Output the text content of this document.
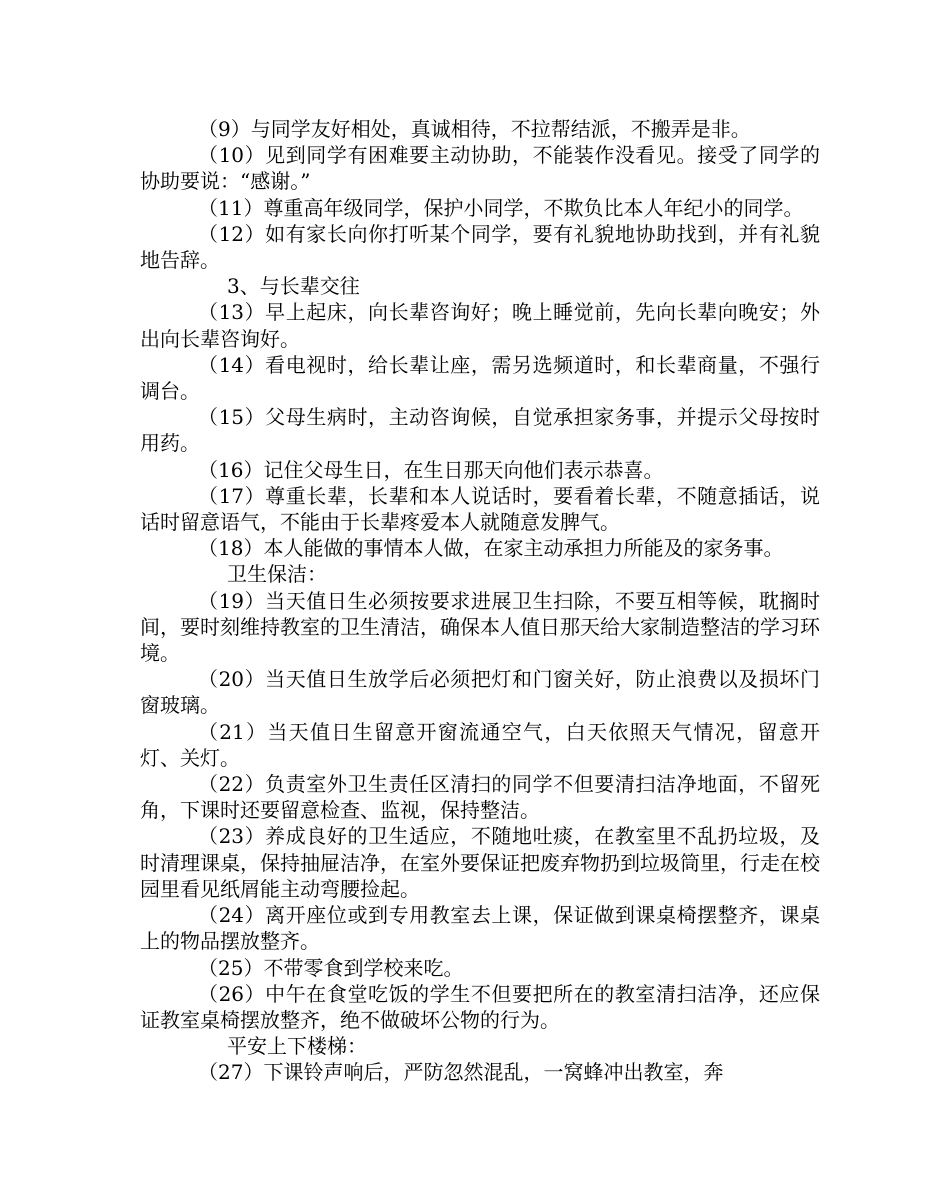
（9）与同学友好相处，真诚相待，不拉帮结派，不搬弄是非。

（10）见到同学有困难要主动协助，不能装作没看见。接受了同学的协助要说：“感谢。”

（11）尊重高年级同学，保护小同学，不欺负比本人年纪小的同学。

（12）如有家长向你打听某个同学，要有礼貌地协助找到，并有礼貌地告辞。

3、与长辈交往

（13）早上起床，向长辈咨询好；晚上睡觉前，先向长辈向晚安；外出向长辈咨询好。

（14）看电视时，给长辈让座，需另选频道时，和长辈商量，不强行调台。

（15）父母生病时，主动咨询候，自觉承担家务事，并提示父母按时用药。

（16）记住父母生日，在生日那天向他们表示恭喜。

（17）尊重长辈，长辈和本人说话时，要看着长辈，不随意插话，说话时留意语气，不能由于长辈疼爱本人就随意发脾气。

（18）本人能做的事情本人做，在家主动承担力所能及的家务事。

卫生保洁：

（19）当天值日生必须按要求进展卫生扫除，不要互相等候，耽搁时间，要时刻维持教室的卫生清洁，确保本人值日那天给大家制造整洁的学习环境。

（20）当天值日生放学后必须把灯和门窗关好，防止浪费以及损坏门窗玻璃。

（21）当天值日生留意开窗流通空气，白天依照天气情况，留意开灯、关灯。

（22）负责室外卫生责任区清扫的同学不但要清扫洁净地面，不留死角，下课时还要留意检查、监视，保持整洁。

（23）养成良好的卫生适应，不随地吐痰，在教室里不乱扔垃圾，及时清理课桌，保持抽屉洁净，在室外要保证把废弃物扔到垃圾筒里，行走在校园里看见纸屑能主动弯腰捡起。

（24）离开座位或到专用教室去上课，保证做到课桌椅摆整齐，课桌上的物品摆放整齐。

（25）不带零食到学校来吃。

（26）中午在食堂吃饭的学生不但要把所在的教室清扫洁净，还应保证教室桌椅摆放整齐，绝不做破坏公物的行为。

平安上下楼梯：

（27）下课铃声响后，严防忽然混乱，一窝蜂冲出教室，奔
